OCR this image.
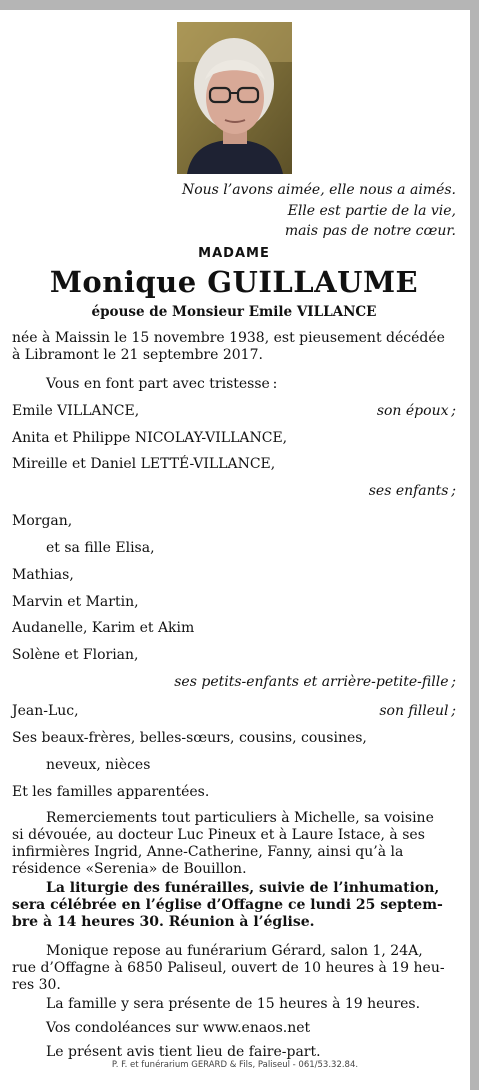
Nous l’avons aimée, elle nous a aimés.
Elle est partie de la vie,
mais pas de notre cœur.
MADAME
Monique GUILLAUME
épouse de Monsieur Emile VILLANCE
née à Maissin le 15 novembre 1938, est pieusement décédée
à Libramont le 21 septembre 2017.
Vous en font part avec tristesse :
Emile VILLANCE,	son époux ;
Anita et Philippe NICOLAY-VILLANCE,
Mireille et Daniel LETTÉ-VILLANCE,
ses enfants ;
Morgan,
et sa fille Elisa,
Mathias,
Marvin et Martin,
Audanelle, Karim et Akim
Solène et Florian,
ses petits-enfants et arrière-petite-fille ;
Jean-Luc,	son filleul ;
Ses beaux-frères, belles-sœurs, cousins, cousines,
neveux, nièces
Et les familles apparentées.
Remerciements tout particuliers à Michelle, sa voisine
si dévouée, au docteur Luc Pineux et à Laure Istace, à ses
infirmières Ingrid, Anne-Catherine, Fanny, ainsi qu’à la
résidence «Serenia» de Bouillon.
La liturgie des funérailles, suivie de l’inhumation,
sera célébrée en l’église d’Offagne ce lundi 25 septem-
bre à 14 heures 30. Réunion à l’église.
Monique repose au funérarium Gérard, salon 1, 24A,
rue d’Offagne à 6850 Paliseul, ouvert de 10 heures à 19 heu-
res 30.
La famille y sera présente de 15 heures à 19 heures.
Vos condoléances sur www.enaos.net
Le présent avis tient lieu de faire-part.
P. F. et funérarium GERARD & Fils, Paliseul - 061/53.32.84.
